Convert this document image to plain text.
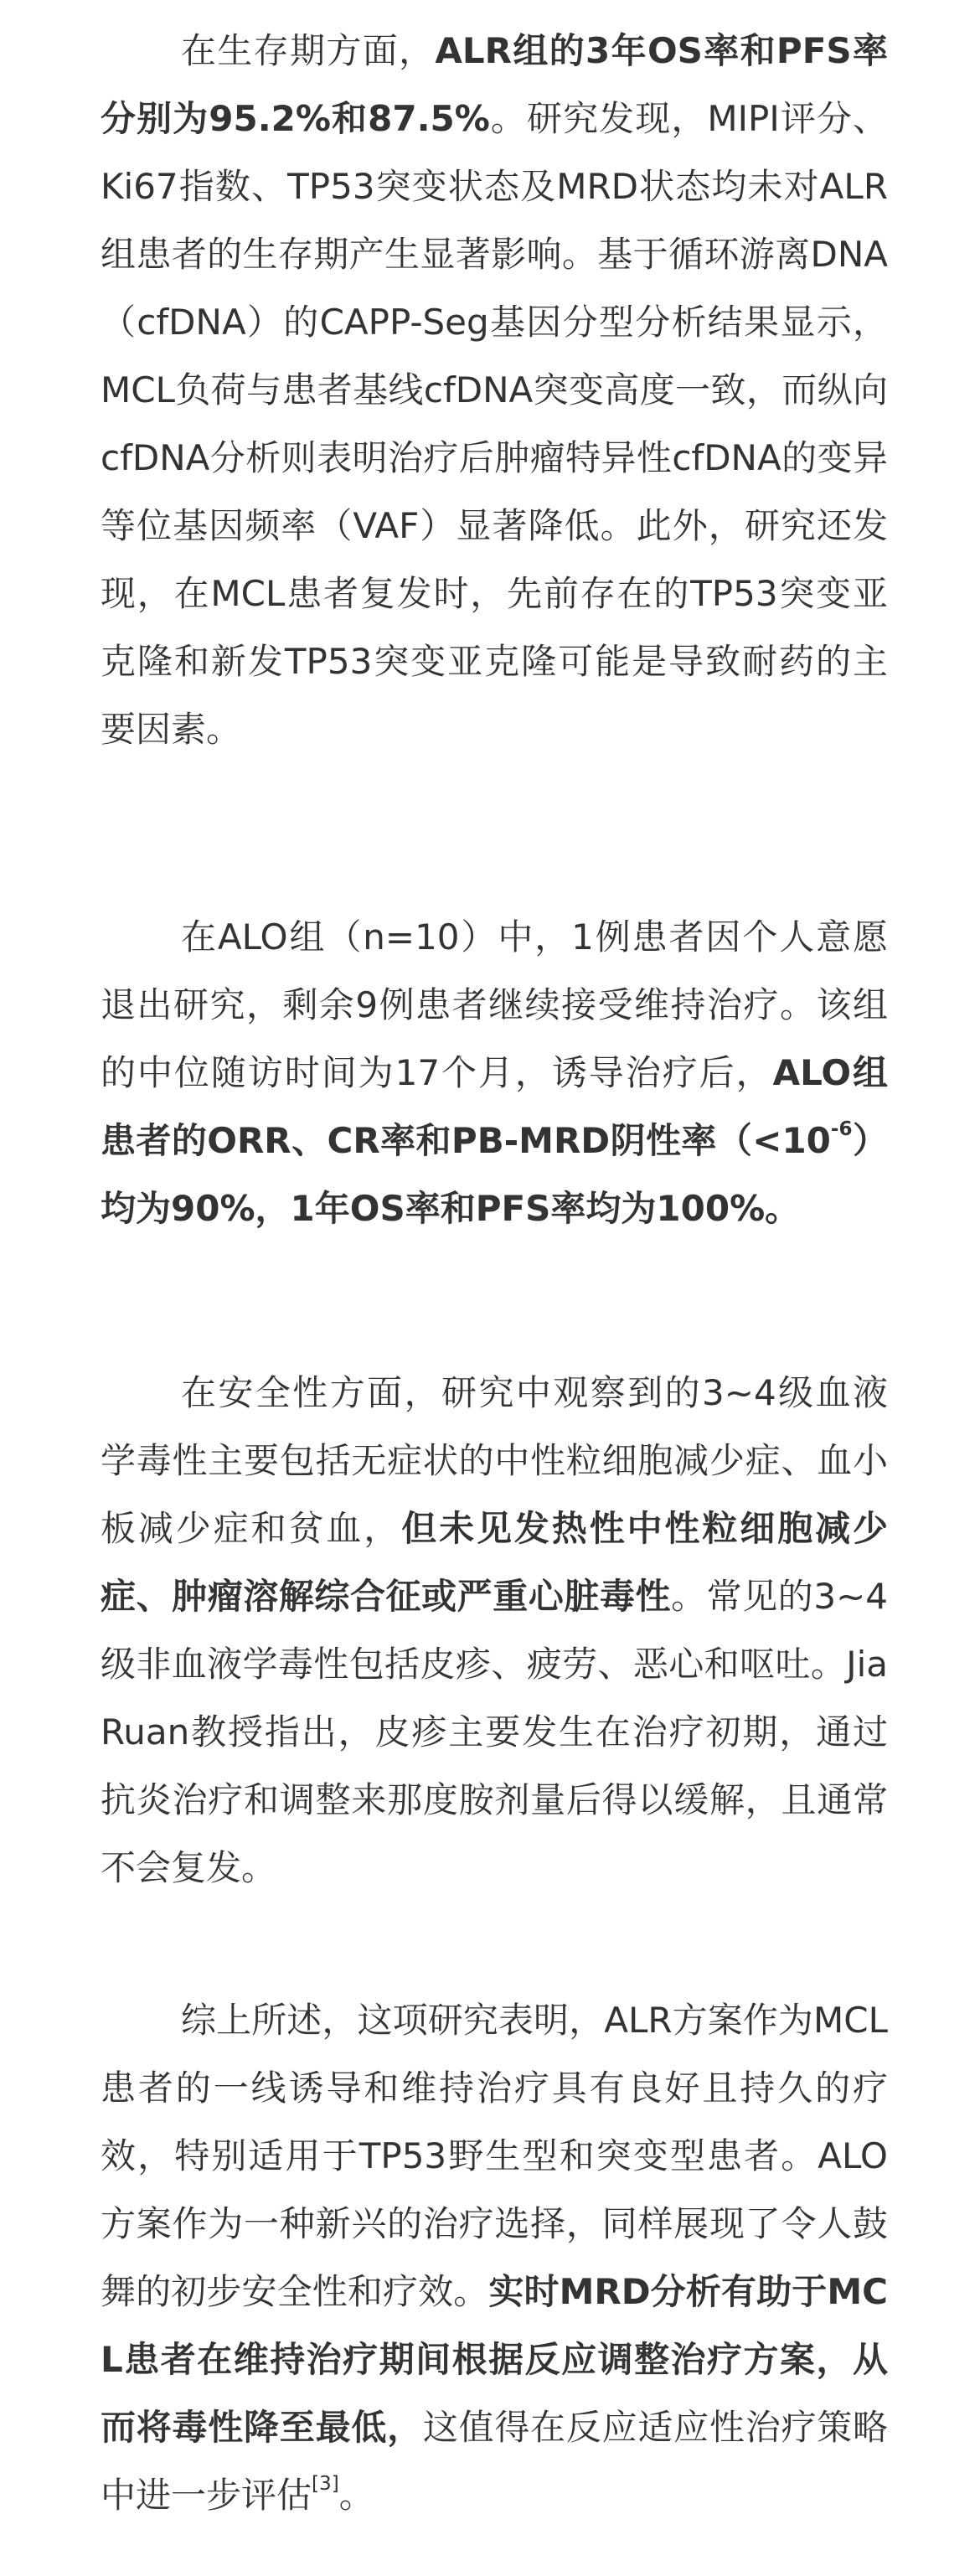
在生存期方面，ALR组的3年OS率和PFS率分别为95.2%和87.5%。研究发现，MIPI评分、Ki67指数、TP53突变状态及MRD状态均未对ALR组患者的生存期产生显著影响。基于循环游离DNA（cfDNA）的CAPP-Seg基因分型分析结果显示，MCL负荷与患者基线cfDNA突变高度一致，而纵向cfDNA分析则表明治疗后肿瘤特异性cfDNA的变异等位基因频率（VAF）显著降低。此外，研究还发现，在MCL患者复发时，先前存在的TP53突变亚克隆和新发TP53突变亚克隆可能是导致耐药的主要因素。

在ALO组（n=10）中，1例患者因个人意愿退出研究，剩余9例患者继续接受维持治疗。该组的中位随访时间为17个月，诱导治疗后，ALO组患者的ORR、CR率和PB-MRD阴性率$(<10^{-6})$均为90%，1年OS率和PFS率均为100%。

在安全性方面，研究中观察到的3~4级血液学毒性主要包括无症状的中性粒细胞减少症、血小板减少症和贫血，但未见发热性中性粒细胞减少症、肿瘤溶解综合征或严重心脏毒性。常见的3~4级非血液学毒性包括皮疹、疲劳、恶心和呕吐。Jia Ruan教授指出，皮疹主要发生在治疗初期，通过抗炎治疗和调整来那度胺剂量后得以缓解，且通常不会复发。

综上所述，这项研究表明，ALR方案作为MCL患者的一线诱导和维持治疗具有良好且持久的疗效，特别适用于TP53野生型和突变型患者。ALO方案作为一种新兴的治疗选择，同样展现了令人鼓舞的初步安全性和疗效。实时MRD分析有助于MCL患者在维持治疗期间根据反应调整治疗方案，从而将毒性降至最低，这值得在反应适应性治疗策略中进一步评估[3]。
